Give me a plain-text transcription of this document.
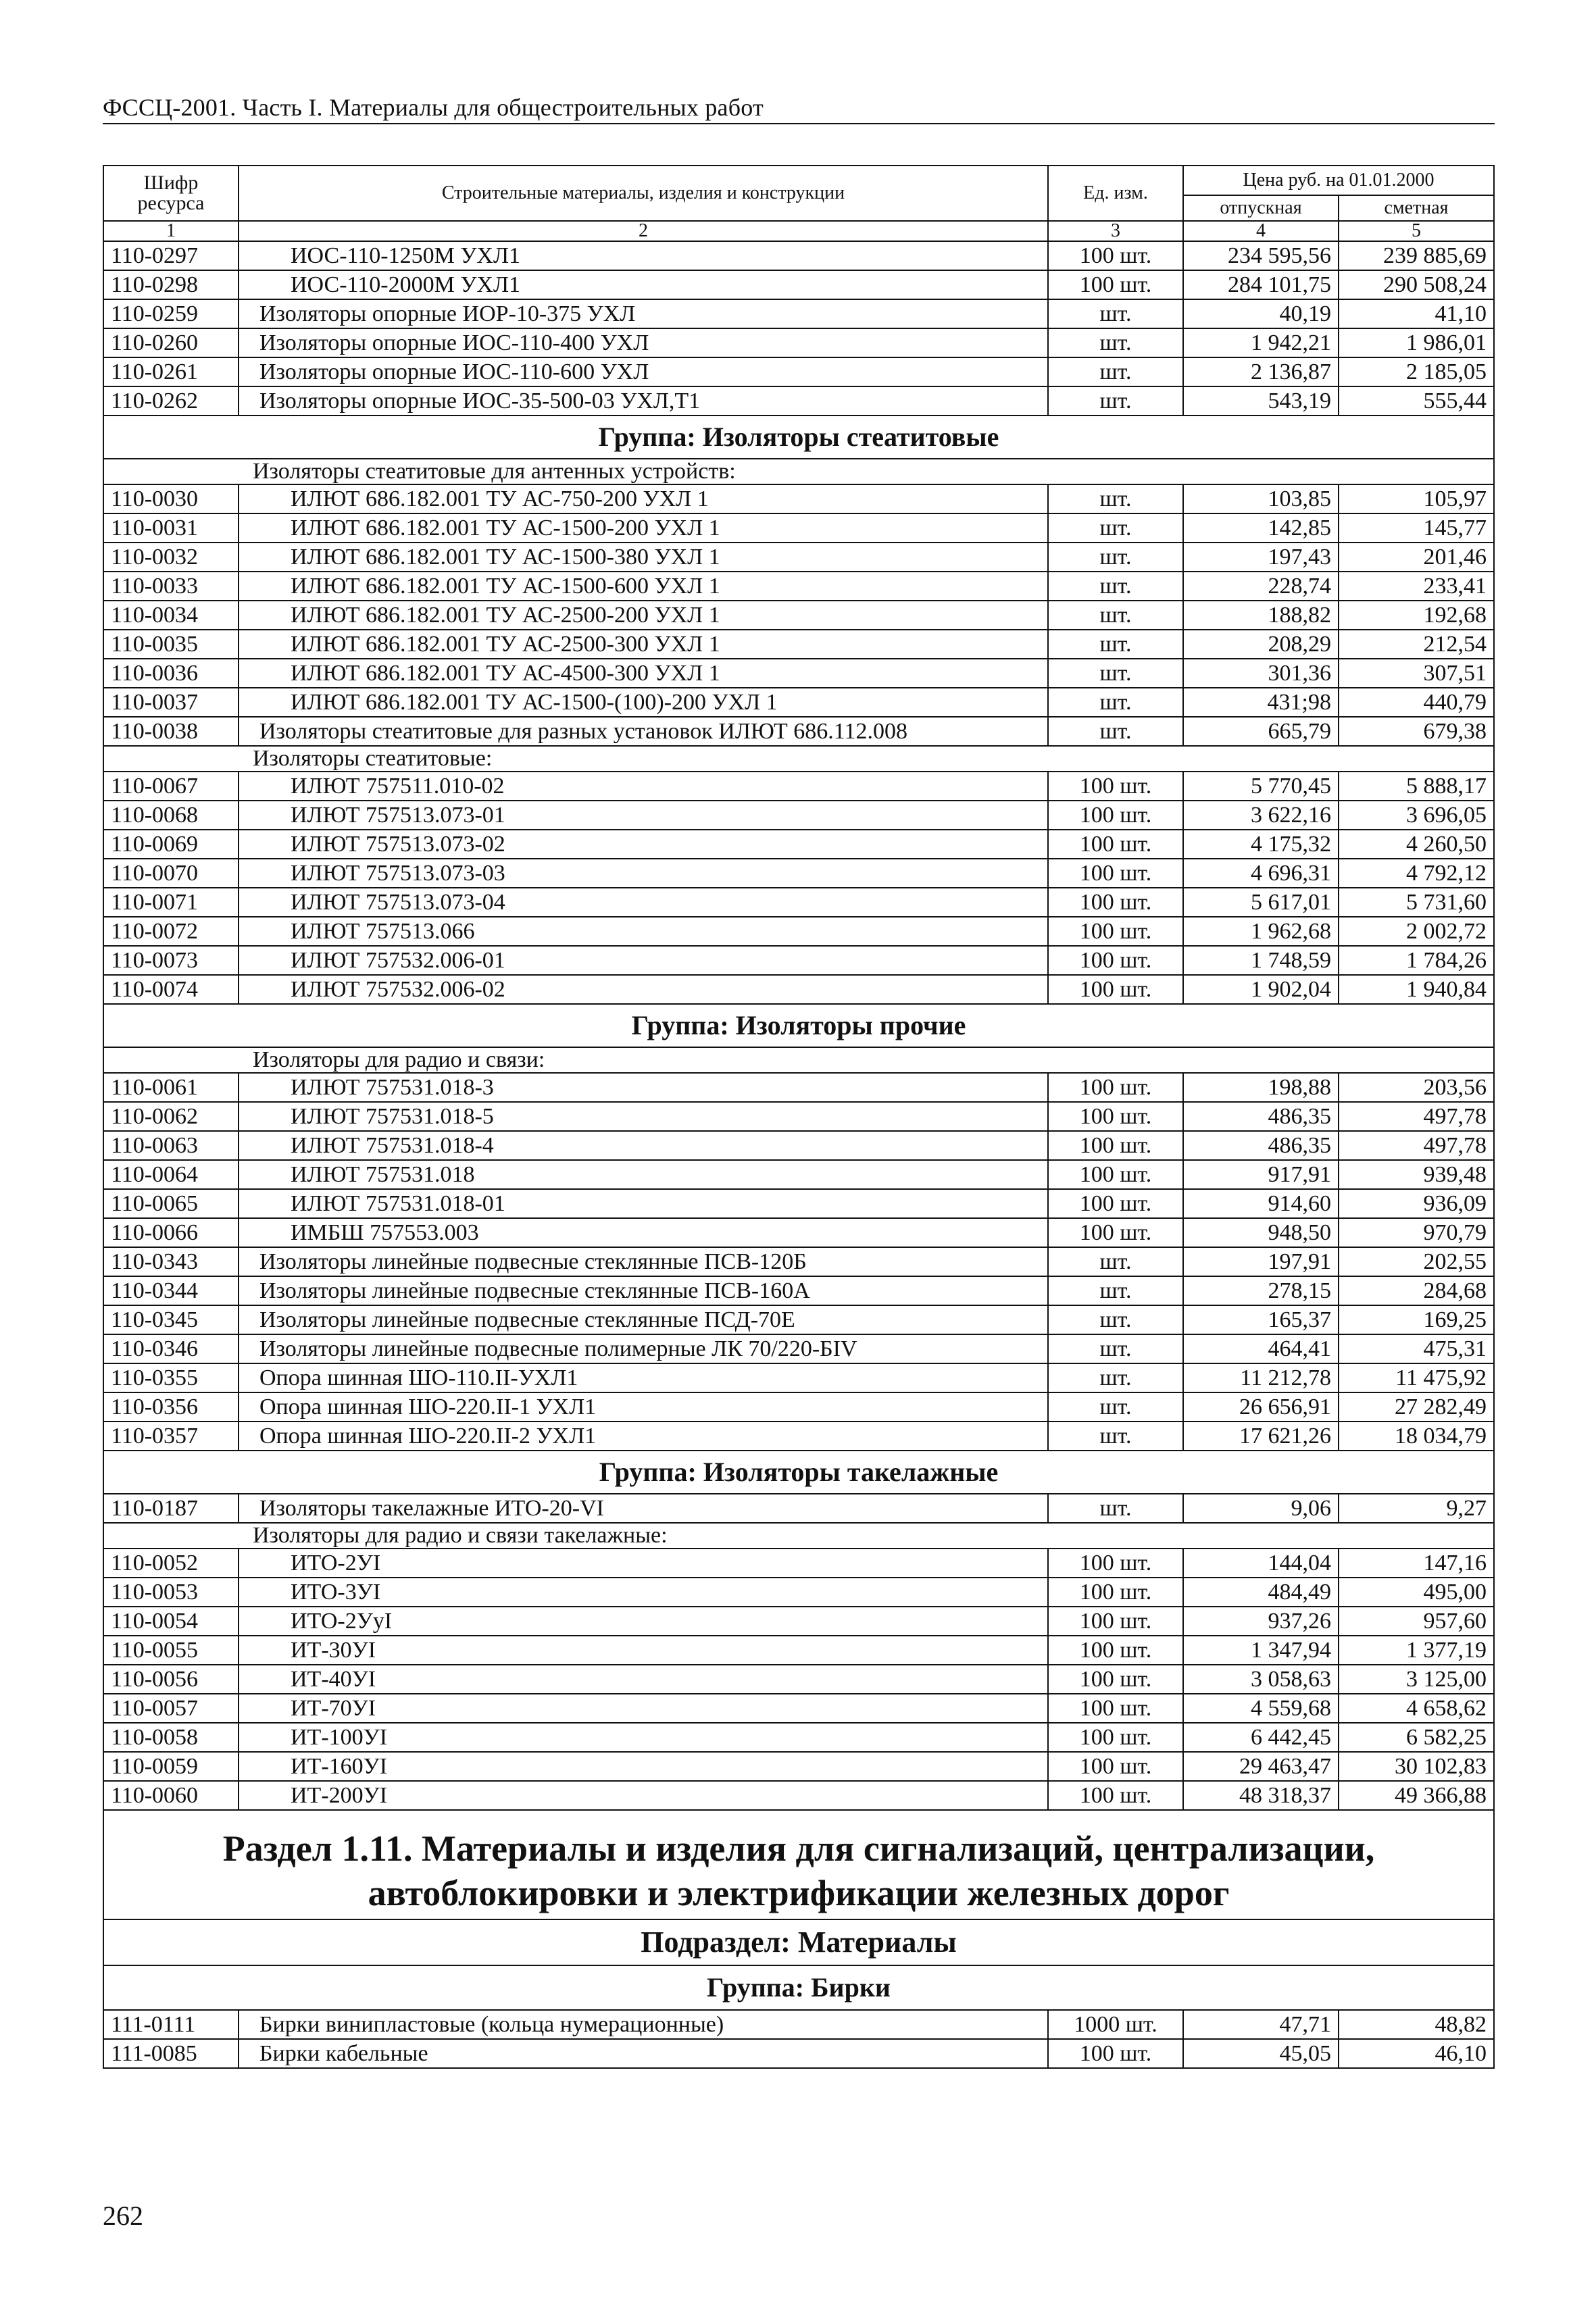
ФССЦ-2001. Часть I. Материалы для общестроительных работ
Шифр ресурса	Строительные материалы, изделия и конструкции	Ед. изм.	Цена руб. на 01.01.2000	
			отпускная	сметная
1	2	3	4	5
110-0297	ИОС-110-1250М УХЛ1	100 шт.	234 595,56	239 885,69
110-0298	ИОС-110-2000М УХЛ1	100 шт.	284 101,75	290 508,24
110-0259	Изоляторы опорные ИОР-10-375 УХЛ	шт.	40,19	41,10
110-0260	Изоляторы опорные ИОС-110-400 УХЛ	шт.	1 942,21	1 986,01
110-0261	Изоляторы опорные ИОС-110-600 УХЛ	шт.	2 136,87	2 185,05
110-0262	Изоляторы опорные ИОС-35-500-03 УХЛ,Т1	шт.	543,19	555,44
Группа: Изоляторы стеатитовые				
Изоляторы стеатитовые для антенных устройств:				
110-0030	ИЛЮТ 686.182.001 ТУ АС-750-200 УХЛ 1	шт.	103,85	105,97
110-0031	ИЛЮТ 686.182.001 ТУ АС-1500-200 УХЛ 1	шт.	142,85	145,77
110-0032	ИЛЮТ 686.182.001 ТУ АС-1500-380 УХЛ 1	шт.	197,43	201,46
110-0033	ИЛЮТ 686.182.001 ТУ АС-1500-600 УХЛ 1	шт.	228,74	233,41
110-0034	ИЛЮТ 686.182.001 ТУ АС-2500-200 УХЛ 1	шт.	188,82	192,68
110-0035	ИЛЮТ 686.182.001 ТУ АС-2500-300 УХЛ 1	шт.	208,29	212,54
110-0036	ИЛЮТ 686.182.001 ТУ АС-4500-300 УХЛ 1	шт.	301,36	307,51
110-0037	ИЛЮТ 686.182.001 ТУ АС-1500-(100)-200 УХЛ 1	шт.	431;98	440,79
110-0038	Изоляторы стеатитовые для разных установок ИЛЮТ 686.112.008	шт.	665,79	679,38
Изоляторы стеатитовые:				
110-0067	ИЛЮТ 757511.010-02	100 шт.	5 770,45	5 888,17
110-0068	ИЛЮТ 757513.073-01	100 шт.	3 622,16	3 696,05
110-0069	ИЛЮТ 757513.073-02	100 шт.	4 175,32	4 260,50
110-0070	ИЛЮТ 757513.073-03	100 шт.	4 696,31	4 792,12
110-0071	ИЛЮТ 757513.073-04	100 шт.	5 617,01	5 731,60
110-0072	ИЛЮТ 757513.066	100 шт.	1 962,68	2 002,72
110-0073	ИЛЮТ 757532.006-01	100 шт.	1 748,59	1 784,26
110-0074	ИЛЮТ 757532.006-02	100 шт.	1 902,04	1 940,84
Группа: Изоляторы прочие				
Изоляторы для радио и связи:				
110-0061	ИЛЮТ 757531.018-3	100 шт.	198,88	203,56
110-0062	ИЛЮТ 757531.018-5	100 шт.	486,35	497,78
110-0063	ИЛЮТ 757531.018-4	100 шт.	486,35	497,78
110-0064	ИЛЮТ 757531.018	100 шт.	917,91	939,48
110-0065	ИЛЮТ 757531.018-01	100 шт.	914,60	936,09
110-0066	ИМБШ 757553.003	100 шт.	948,50	970,79
110-0343	Изоляторы линейные подвесные стеклянные ПСВ-120Б	шт.	197,91	202,55
110-0344	Изоляторы линейные подвесные стеклянные ПСВ-160А	шт.	278,15	284,68
110-0345	Изоляторы линейные подвесные стеклянные ПСД-70Е	шт.	165,37	169,25
110-0346	Изоляторы линейные подвесные полимерные ЛК 70/220-БIV	шт.	464,41	475,31
110-0355	Опора шинная ШО-110.II-УХЛ1	шт.	11 212,78	11 475,92
110-0356	Опора шинная ШО-220.II-1 УХЛ1	шт.	26 656,91	27 282,49
110-0357	Опора шинная ШО-220.II-2 УХЛ1	шт.	17 621,26	18 034,79
Группа: Изоляторы такелажные				
110-0187	Изоляторы такелажные ИТО-20-VI	шт.	9,06	9,27
Изоляторы для радио и связи такелажные:				
110-0052	ИТО-2УI	100 шт.	144,04	147,16
110-0053	ИТО-3УI	100 шт.	484,49	495,00
110-0054	ИТО-2УуI	100 шт.	937,26	957,60
110-0055	ИТ-30УI	100 шт.	1 347,94	1 377,19
110-0056	ИТ-40УI	100 шт.	3 058,63	3 125,00
110-0057	ИТ-70УI	100 шт.	4 559,68	4 658,62
110-0058	ИТ-100УI	100 шт.	6 442,45	6 582,25
110-0059	ИТ-160УI	100 шт.	29 463,47	30 102,83
110-0060	ИТ-200УI	100 шт.	48 318,37	49 366,88
Раздел 1.11. Материалы и изделия для сигнализаций, централизации, автоблокировки и электрификации железных дорог				
Подраздел: Материалы				
Группа: Бирки				
111-0111	Бирки винипластовые (кольца нумерационные)	1000 шт.	47,71	48,82
111-0085	Бирки кабельные	100 шт.	45,05	46,10
262
